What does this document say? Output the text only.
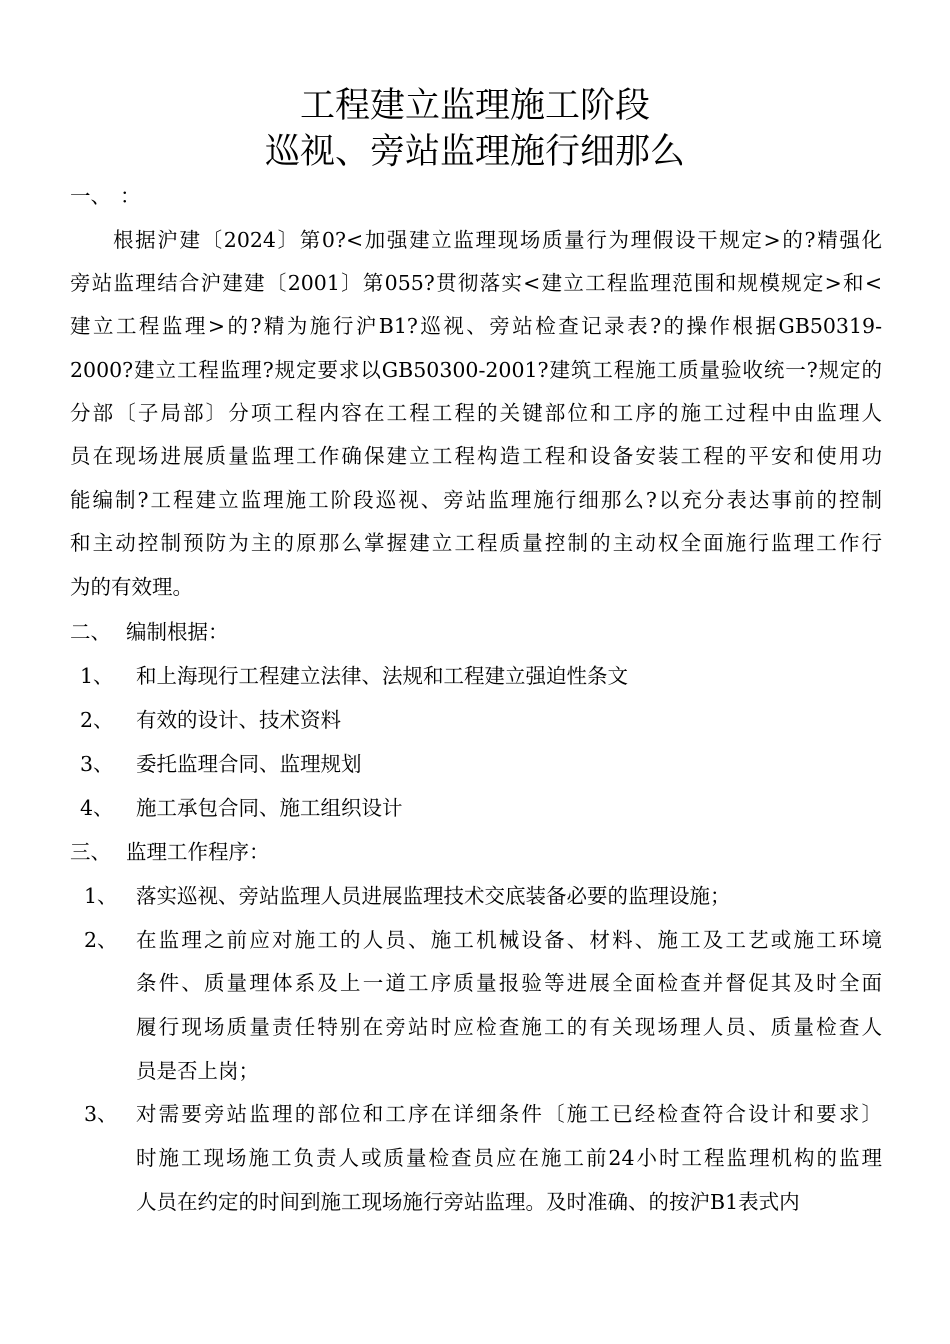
工程建立监理施工阶段
巡视、旁站监理施行细那么
一、 ：
根据沪建〔2024〕第0?<加强建立监理现场质量行为理假设干规定>的?精强化
旁站监理结合沪建建〔2001〕第055?贯彻落实<建立工程监理范围和规模规定>和<
建立工程监理>的?精为施行沪B1?巡视、旁站检查记录表?的操作根据GB50319-
2000?建立工程监理?规定要求以GB50300-2001?建筑工程施工质量验收统一?规定的
分部〔子局部〕分项工程内容在工程工程的关键部位和工序的施工过程中由监理人
员在现场进展质量监理工作确保建立工程构造工程和设备安装工程的平安和使用功
能编制?工程建立监理施工阶段巡视、旁站监理施行细那么?以充分表达事前的控制
和主动控制预防为主的原那么掌握建立工程质量控制的主动权全面施行监理工作行
为的有效理。
二、 编制根据：
1、 和上海现行工程建立法律、法规和工程建立强迫性条文
2、 有效的设计、技术资料
3、 委托监理合同、监理规划
4、 施工承包合同、施工组织设计
三、 监理工作程序：
1、 落实巡视、旁站监理人员进展监理技术交底装备必要的监理设施；
2、 在监理之前应对施工的人员、施工机械设备、材料、施工及工艺或施工环境
条件、质量理体系及上一道工序质量报验等进展全面检查并督促其及时全面
履行现场质量责任特别在旁站时应检查施工的有关现场理人员、质量检查人
员是否上岗；
3、 对需要旁站监理的部位和工序在详细条件〔施工已经检查符合设计和要求〕
时施工现场施工负责人或质量检查员应在施工前24小时工程监理机构的监理
人员在约定的时间到施工现场施行旁站监理。及时准确、的按沪B1表式内
